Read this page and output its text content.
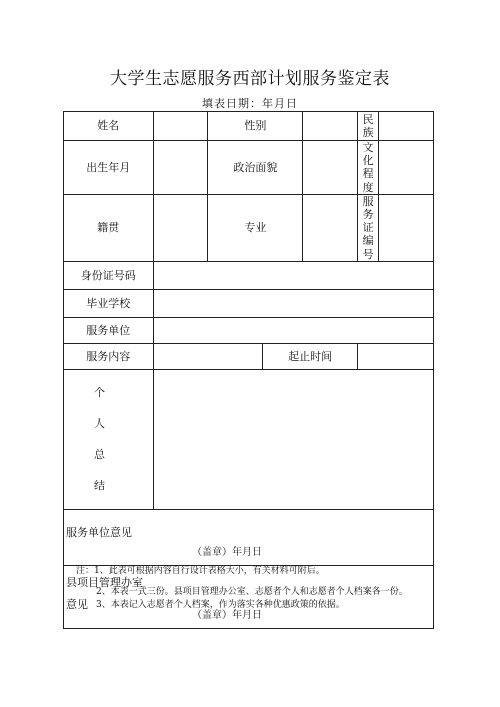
大学生志愿服务西部计划服务鉴定表
填表日期：年月日
姓名		性别			民族	
出生年月		政治面貌			文化程度	
籍贯		专业			服务证编号	
身份证号码						
毕业学校						
服务单位						
服务内容			起止时间			

个
人
总
结						

服务单位意见
（盖章）年月日						

县项目管理办室意见
（盖章）年月日						
注：1、此表可根据内容自行设计表格大小，有关材料可附后。
2、本表一式三份。县项目管理办公室、志愿者个人和志愿者个人档案各一份。
3、本表记入志愿者个人档案，作为落实各种优惠政策的依据。
